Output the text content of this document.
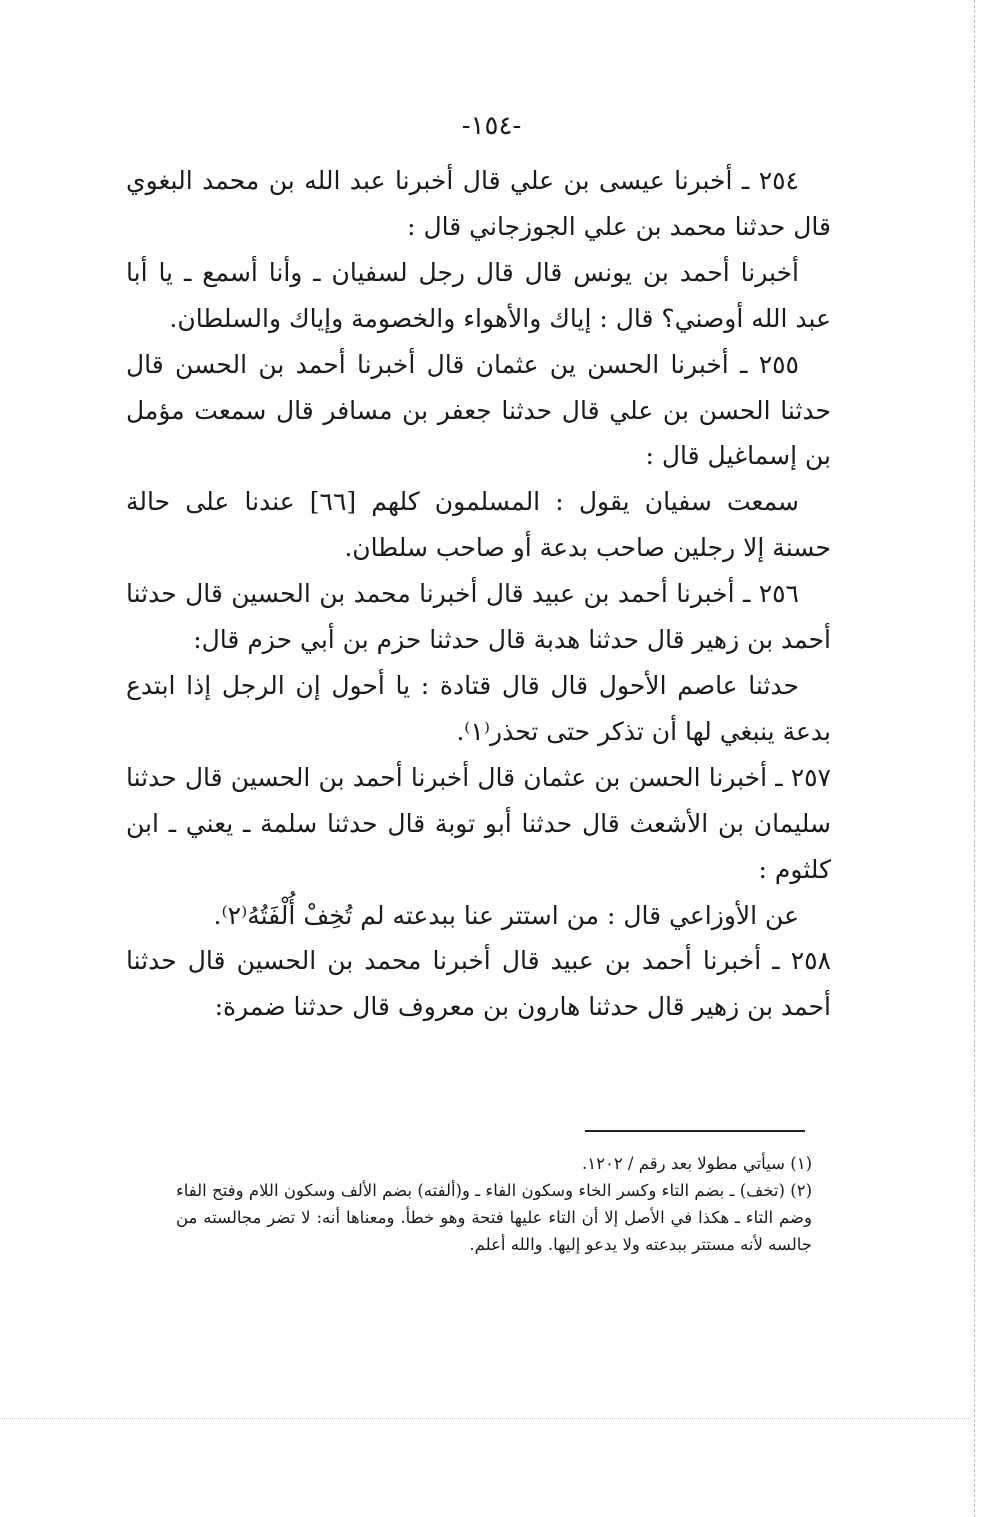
-١٥٤-

٢٥٤ ـ أخبرنا عيسى بن علي قال أخبرنا عبد الله بن محمد البغوي قال حدثنا محمد بن علي الجوزجاني قال :

أخبرنا أحمد بن يونس قال قال رجل لسفيان ـ وأنا أسمع ـ يا أبا عبد الله أوصني؟ قال : إياك والأهواء والخصومة وإياك والسلطان.

٢٥٥ ـ أخبرنا الحسن ين عثمان قال أخبرنا أحمد بن الحسن قال حدثنا الحسن بن علي قال حدثنا جعفر بن مسافر قال سمعت مؤمل بن إسماغيل قال :

سمعت سفيان يقول : المسلمون كلهم [٦٦] عندنا على حالة حسنة إلا رجلين صاحب بدعة أو صاحب سلطان.

٢٥٦ ـ أخبرنا أحمد بن عبيد قال أخبرنا محمد بن الحسين قال حدثنا أحمد بن زهير قال حدثنا هدبة قال حدثنا حزم بن أبي حزم قال:

حدثنا عاصم الأحول قال قال قتادة : يا أحول إن الرجل إذا ابتدع بدعة ينبغي لها أن تذكر حتى تحذر⁽١⁾.

٢٥٧ ـ أخبرنا الحسن بن عثمان قال أخبرنا أحمد بن الحسين قال حدثنا سليمان بن الأشعث قال حدثنا أبو توبة قال حدثنا سلمة ـ يعني ـ ابن كلثوم :

عن الأوزاعي قال : من استتر عنا ببدعته لم تُخِفْ أُلْفَتُهُ⁽٢⁾.

٢٥٨ ـ أخبرنا أحمد بن عبيد قال أخبرنا محمد بن الحسين قال حدثنا أحمد بن زهير قال حدثنا هارون بن معروف قال حدثنا ضمرة:

(١) سيأتي مطولا بعد رقم / ١٢٠٢.

(٢) (تخف) ـ بضم التاء وكسر الخاء وسكون الفاء ـ و(ألفته) بضم الألف وسكون اللام وفتح الفاء وضم التاء ـ هكذا في الأصل إلا أن التاء عليها فتحة وهو خطأ. ومعناها أنه: لا تضر مجالسته من جالسه لأنه مستتر ببدعته ولا يدعو إليها. والله أعلم.
